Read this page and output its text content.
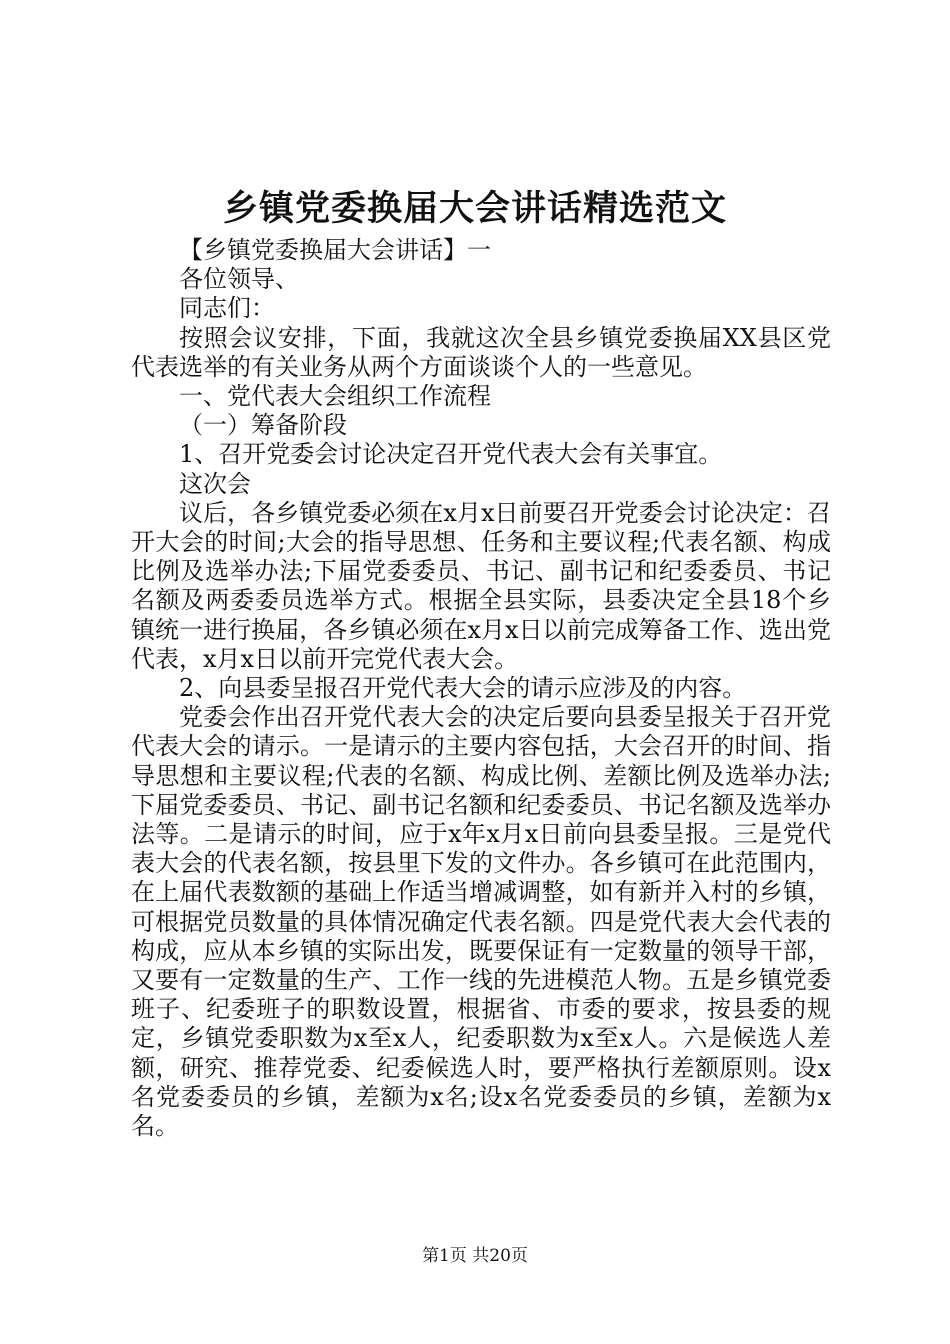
乡镇党委换届大会讲话精选范文

【乡镇党委换届大会讲话】一

各位领导、

同志们：

按照会议安排，下面，我就这次全县乡镇党委换届XX县区党代表选举的有关业务从两个方面谈谈个人的一些意见。

一、党代表大会组织工作流程

（一）筹备阶段

1、召开党委会讨论决定召开党代表大会有关事宜。

这次会

议后，各乡镇党委必须在x月x日前要召开党委会讨论决定：召开大会的时间;大会的指导思想、任务和主要议程;代表名额、构成比例及选举办法;下届党委委员、书记、副书记和纪委委员、书记名额及两委委员选举方式。根据全县实际，县委决定全县18个乡镇统一进行换届，各乡镇必须在x月x日以前完成筹备工作、选出党代表，x月x日以前开完党代表大会。

2、向县委呈报召开党代表大会的请示应涉及的内容。

党委会作出召开党代表大会的决定后要向县委呈报关于召开党代表大会的请示。一是请示的主要内容包括，大会召开的时间、指导思想和主要议程;代表的名额、构成比例、差额比例及选举办法;下届党委委员、书记、副书记名额和纪委委员、书记名额及选举办法等。二是请示的时间，应于x年x月x日前向县委呈报。三是党代表大会的代表名额，按县里下发的文件办。各乡镇可在此范围内，在上届代表数额的基础上作适当增减调整，如有新并入村的乡镇，可根据党员数量的具体情况确定代表名额。四是党代表大会代表的构成，应从本乡镇的实际出发，既要保证有一定数量的领导干部，又要有一定数量的生产、工作一线的先进模范人物。五是乡镇党委班子、纪委班子的职数设置，根据省、市委的要求，按县委的规定，乡镇党委职数为x至x人，纪委职数为x至x人。六是候选人差额，研究、推荐党委、纪委候选人时，要严格执行差额原则。设x名党委委员的乡镇，差额为x名;设x名党委委员的乡镇，差额为x名。

第1页 共20页
